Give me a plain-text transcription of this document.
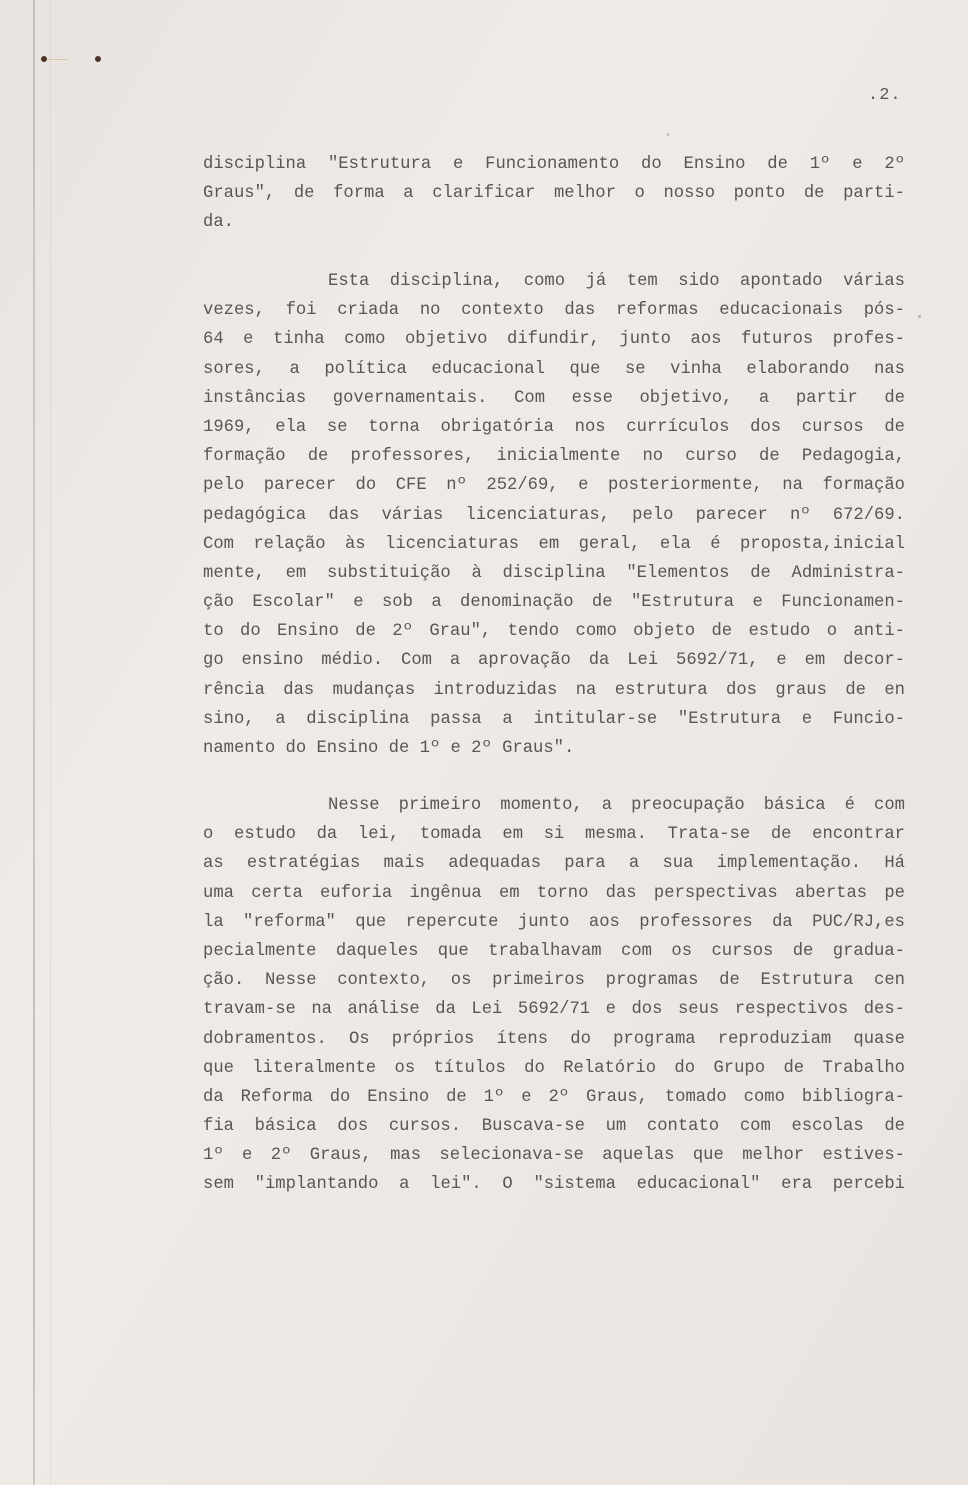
.2.
disciplina "Estrutura e Funcionamento do Ensino de 1º e 2º
Graus", de forma a clarificar melhor o nosso ponto de parti-
da.
Esta disciplina, como já tem sido apontado várias
vezes, foi criada no contexto das reformas educacionais pós-
64 e tinha como objetivo difundir, junto aos futuros profes-
sores, a política educacional que se vinha elaborando nas
instâncias governamentais. Com esse objetivo, a partir de
1969, ela se torna obrigatória nos currículos dos cursos de
formação de professores, inicialmente no curso de Pedagogia,
pelo parecer do CFE nº 252/69, e posteriormente, na formação
pedagógica das várias licenciaturas, pelo parecer nº 672/69.
Com relação às licenciaturas em geral, ela é proposta,inicial
mente, em substituição à disciplina "Elementos de Administra-
ção Escolar" e sob a denominação de "Estrutura e Funcionamen-
to do Ensino de 2º Grau", tendo como objeto de estudo o anti-
go ensino médio. Com a aprovação da Lei 5692/71, e em decor-
rência das mudanças introduzidas na estrutura dos graus de en
sino, a disciplina passa a intitular-se "Estrutura e Funcio-
namento do Ensino de 1º e 2º Graus".
Nesse primeiro momento, a preocupação básica é com
o estudo da lei, tomada em si mesma. Trata-se de encontrar
as estratégias mais adequadas para a sua implementação. Há
uma certa euforia ingênua em torno das perspectivas abertas pe
la "reforma" que repercute junto aos professores da PUC/RJ,es
pecialmente daqueles que trabalhavam com os cursos de gradua-
ção. Nesse contexto, os primeiros programas de Estrutura cen
travam-se na análise da Lei 5692/71 e dos seus respectivos des-
dobramentos. Os próprios ítens do programa reproduziam quase
que literalmente os títulos do Relatório do Grupo de Trabalho
da Reforma do Ensino de 1º e 2º Graus, tomado como bibliogra-
fia básica dos cursos. Buscava-se um contato com escolas de
1º e 2º Graus, mas selecionava-se aquelas que melhor estives-
sem "implantando a lei". O "sistema educacional" era percebi
